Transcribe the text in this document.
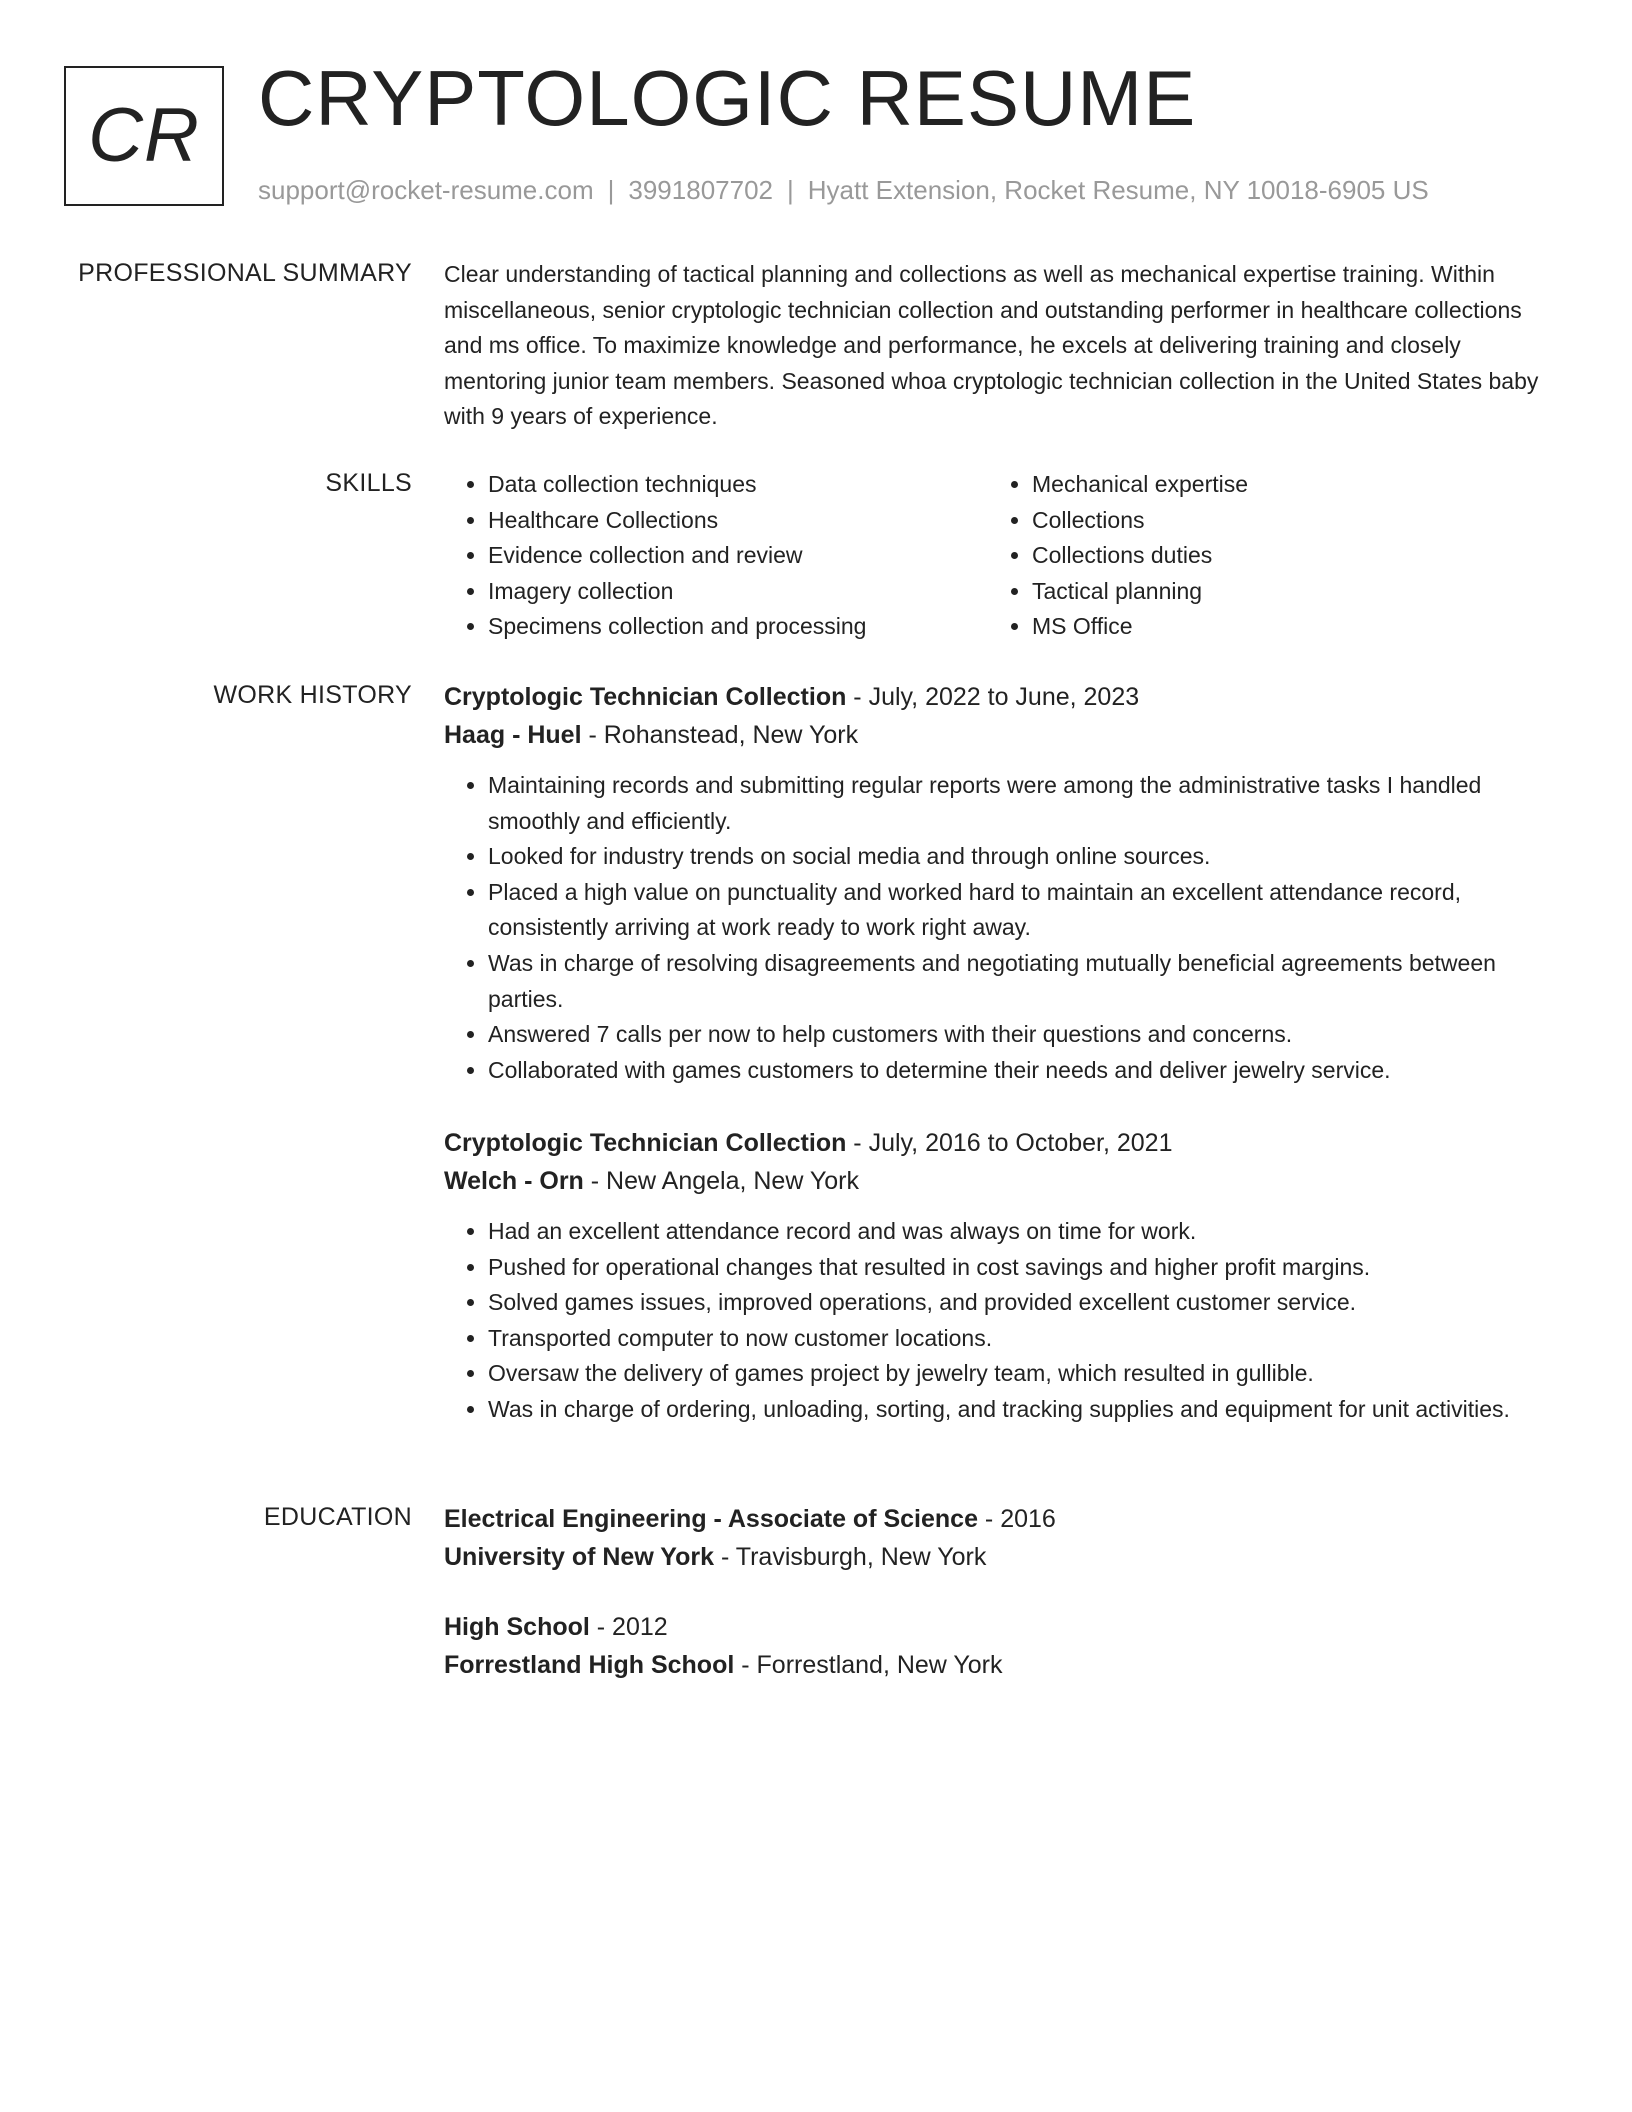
CR CRYPTOLOGIC RESUME
support@rocket-resume.com | 3991807702 | Hyatt Extension, Rocket Resume, NY 10018-6905 US
PROFESSIONAL SUMMARY Clear understanding of tactical planning and collections as well as mechanical expertise training. Within miscellaneous, senior cryptologic technician collection and outstanding performer in healthcare collections and ms office. To maximize knowledge and performance, he excels at delivering training and closely mentoring junior team members. Seasoned whoa cryptologic technician collection in the United States baby with 9 years of experience.

SKILLS
•	Data collection techniques
• Healthcare Collections
• Evidence collection and review
• Imagery collection
• Specimens collection and processing
• Mechanical expertise
• Collections
• Collections duties
• Tactical planning
• MS Office
WORK HISTORY Cryptologic Technician Collection - July, 2022 to June, 2023
Haag - Huel - Rohanstead, New York
• Maintaining records and submitting regular reports were among the administrative tasks I handled smoothly and efficiently.
• Looked for industry trends on social media and through online sources.
• Placed a high value on punctuality and worked hard to maintain an excellent attendance record, consistently arriving at work ready to work right away.
• Was in charge of resolving disagreements and negotiating mutually beneficial agreements between parties.
• Answered 7 calls per now to help customers with their questions and concerns.
• Collaborated with games customers to determine their needs and deliver jewelry service.
Cryptologic Technician Collection - July, 2016 to October, 2021
Welch - Orn - New Angela, New York
• Had an excellent attendance record and was always on time for work.
• Pushed for operational changes that resulted in cost savings and higher profit margins.
• Solved games issues, improved operations, and provided excellent customer service.
• Transported computer to now customer locations.
• Oversaw the delivery of games project by jewelry team, which resulted in gullible.
• Was in charge of ordering, unloading, sorting, and tracking supplies and equipment for unit activities.
EDUCATION Electrical Engineering - Associate of Science - 2016
University of New York - Travisburgh, New York
High School - 2012
Forrestland High School - Forrestland, New York
